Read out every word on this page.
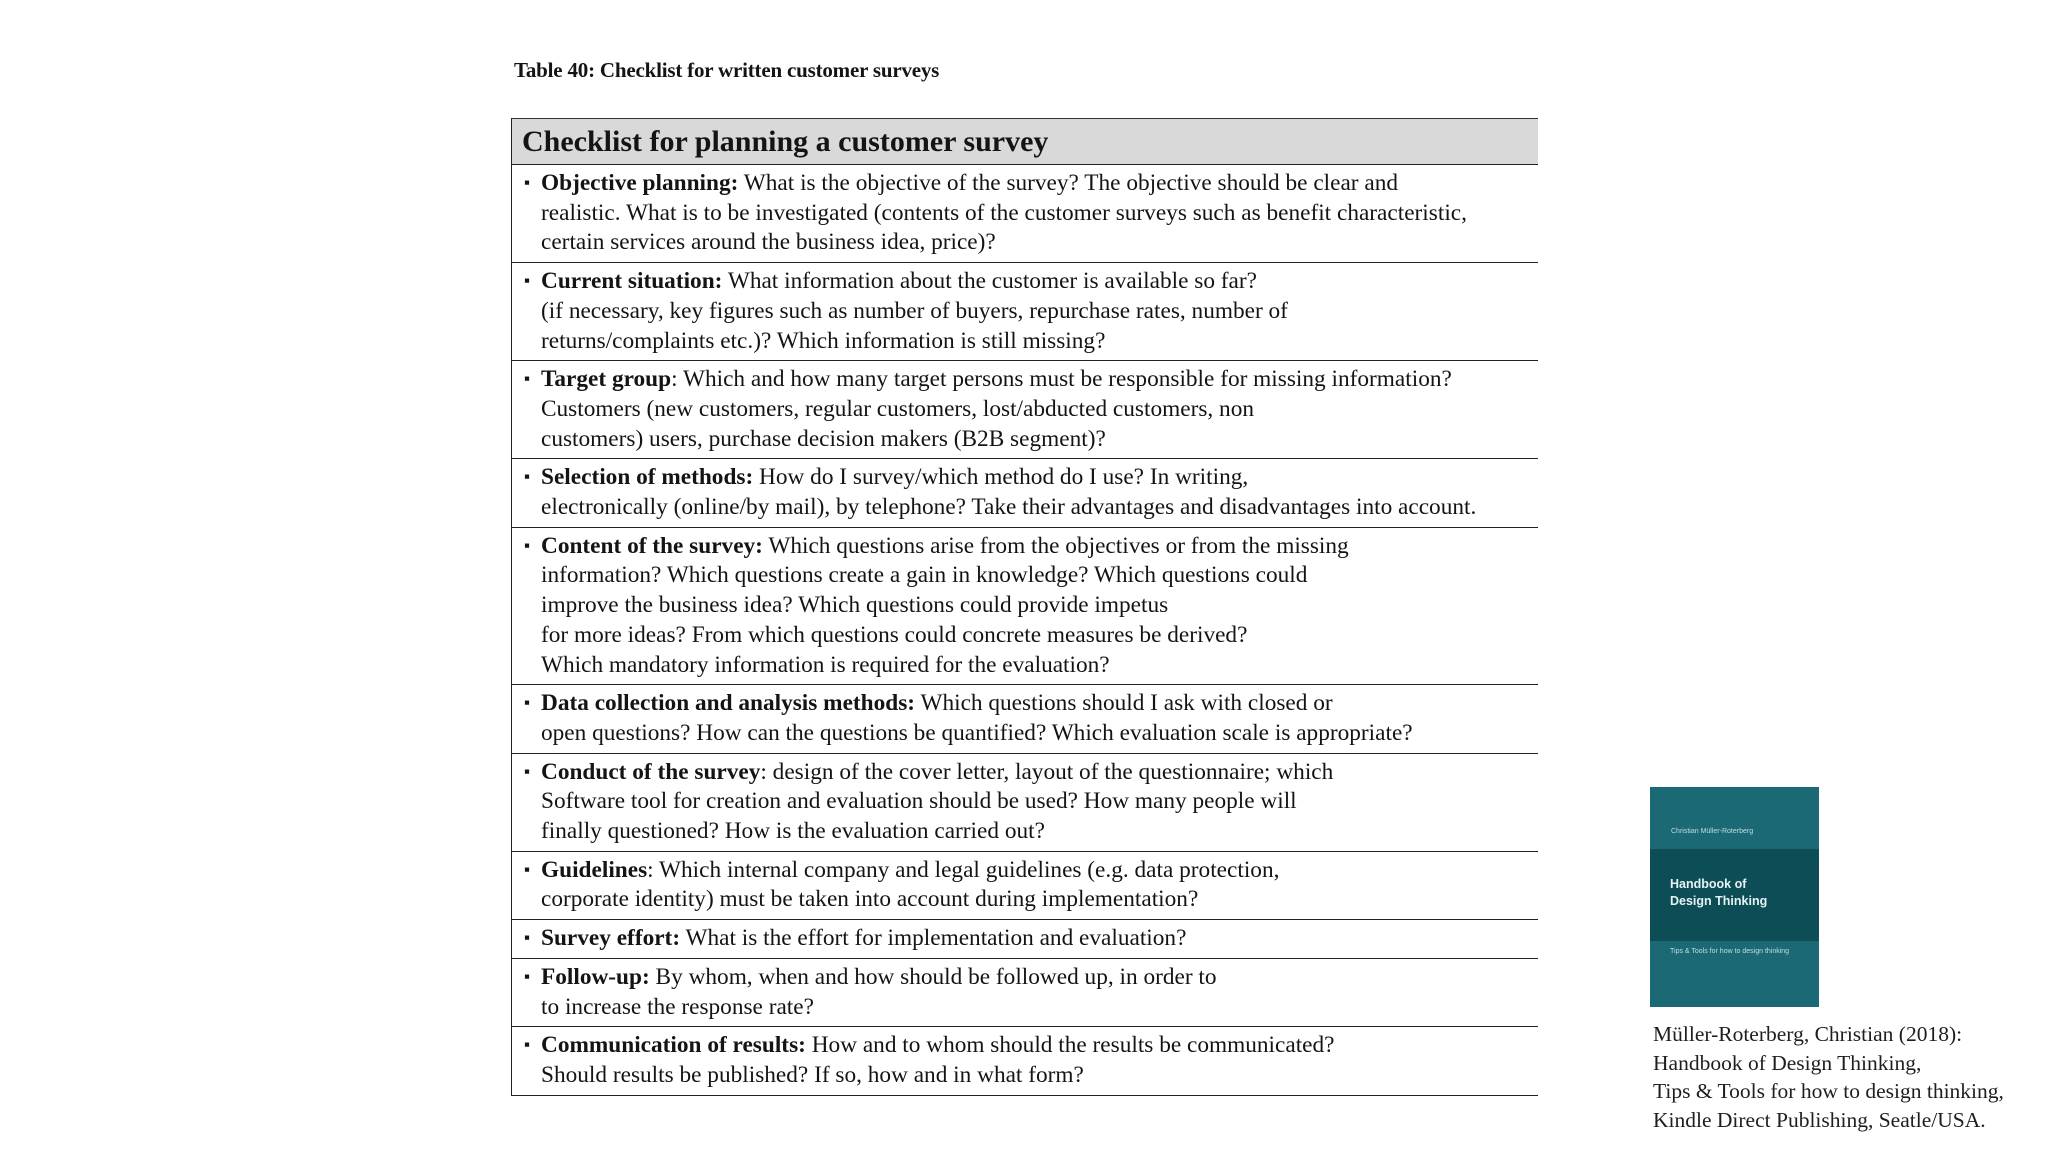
Table 40: Checklist for written customer surveys
Checklist for planning a customer survey

▪ Objective planning: What is the objective of the survey? The objective should be clear and
realistic. What is to be investigated (contents of the customer surveys such as benefit characteristic,
certain services around the business idea, price)?

▪ Current situation: What information about the customer is available so far?
(if necessary, key figures such as number of buyers, repurchase rates, number of
returns/complaints etc.)? Which information is still missing?

▪ Target group: Which and how many target persons must be responsible for missing information?
Customers (new customers, regular customers, lost/abducted customers, non
customers) users, purchase decision makers (B2B segment)?

▪ Selection of methods: How do I survey/which method do I use? In writing,
electronically (online/by mail), by telephone? Take their advantages and disadvantages into account.

▪ Content of the survey: Which questions arise from the objectives or from the missing
information? Which questions create a gain in knowledge? Which questions could
improve the business idea? Which questions could provide impetus
for more ideas? From which questions could concrete measures be derived?
Which mandatory information is required for the evaluation?

▪ Data collection and analysis methods: Which questions should I ask with closed or
open questions? How can the questions be quantified? Which evaluation scale is appropriate?

▪ Conduct of the survey: design of the cover letter, layout of the questionnaire; which
Software tool for creation and evaluation should be used? How many people will
finally questioned? How is the evaluation carried out?

▪ Guidelines: Which internal company and legal guidelines (e.g. data protection,
corporate identity) must be taken into account during implementation?

▪ Survey effort: What is the effort for implementation and evaluation?

▪ Follow-up: By whom, when and how should be followed up, in order to
to increase the response rate?

▪ Communication of results: How and to whom should the results be communicated?
Should results be published? If so, how and in what form?
Christian Müller-Roterberg
Handbook of
Design Thinking
Tips & Tools for how to design thinking
Müller-Roterberg, Christian (2018):
Handbook of Design Thinking,
Tips & Tools for how to design thinking,
Kindle Direct Publishing, Seatle/USA.
